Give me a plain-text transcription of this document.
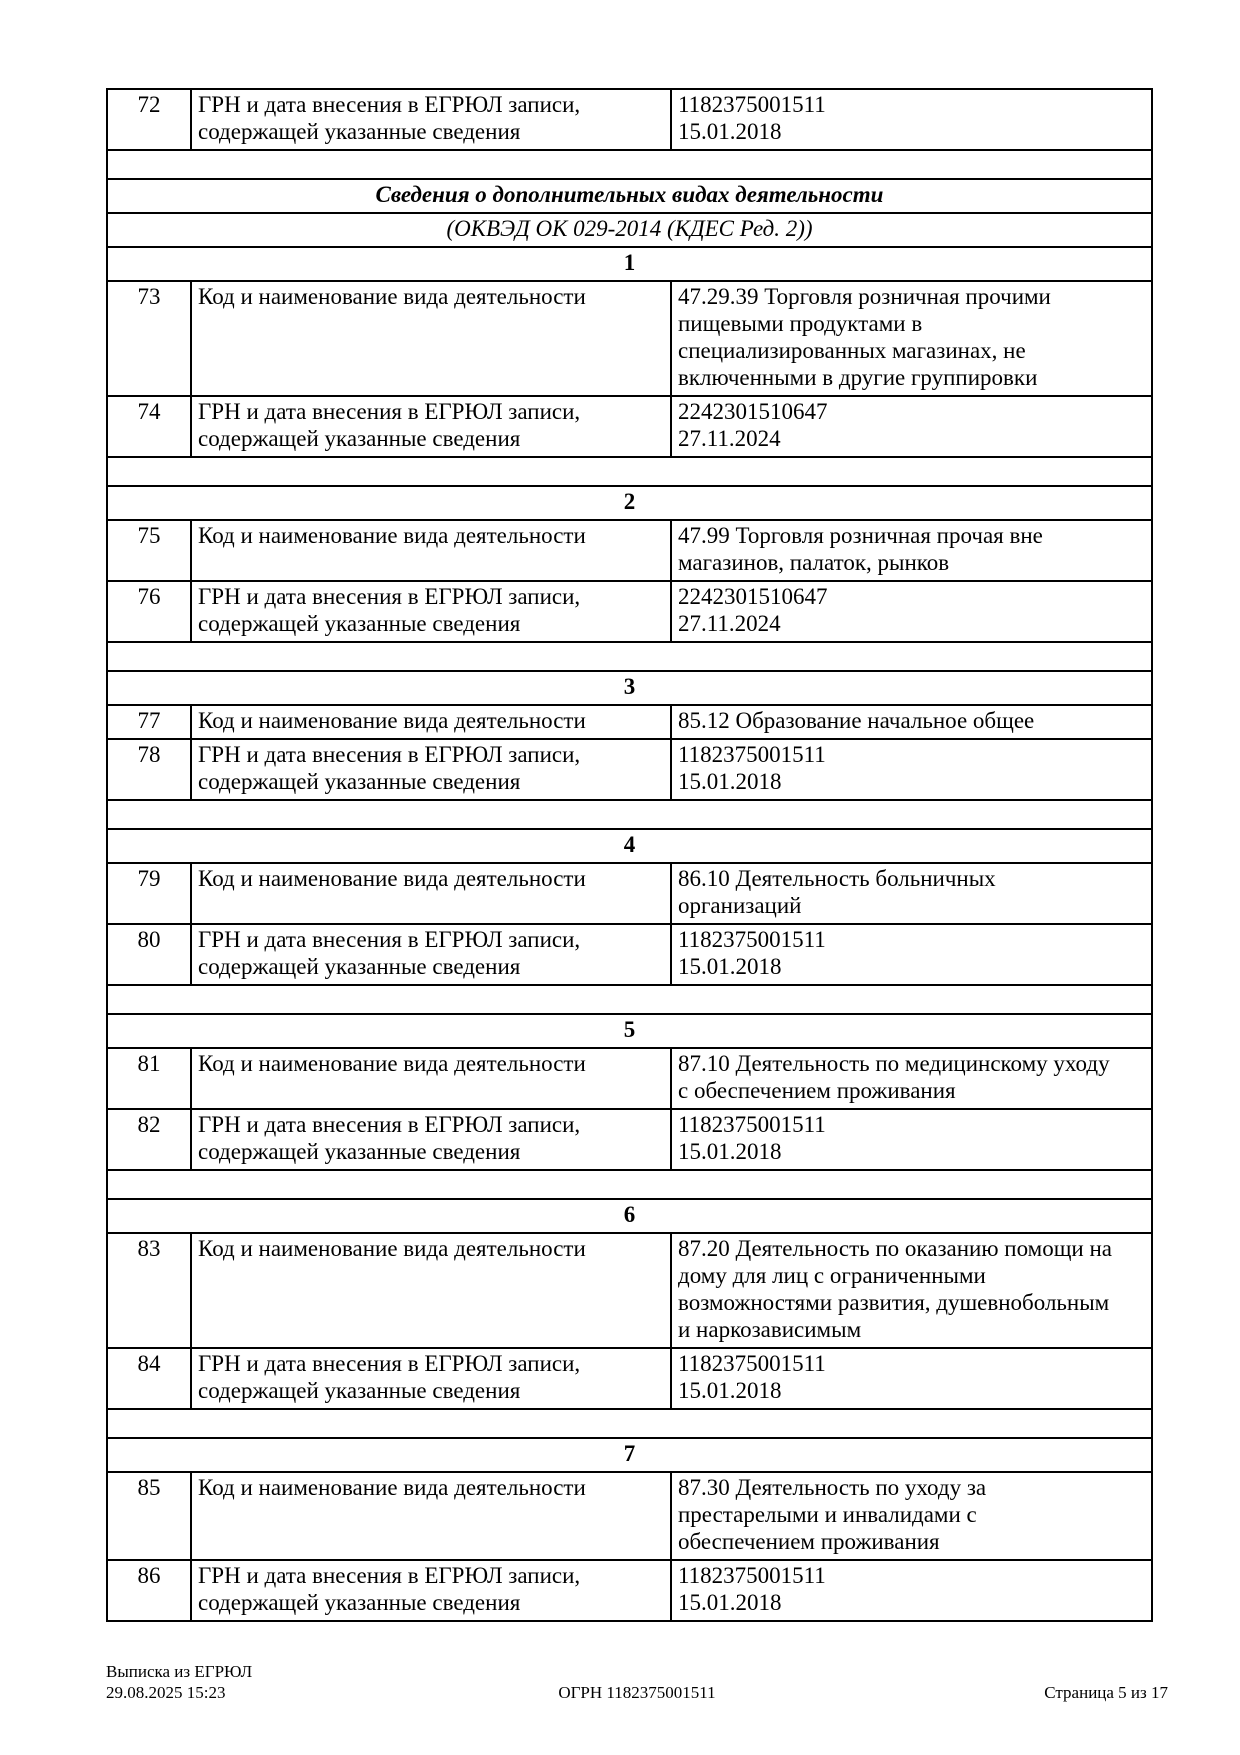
72	ГРН и дата внесения в ЕГРЮЛ записи, содержащей указанные сведения	1182375001511
15.01.2018

Сведения о дополнительных видах деятельности		
(ОКВЭД ОК 029-2014 (КДЕС Ред. 2))		
1		
73	Код и наименование вида деятельности	47.29.39 Торговля розничная прочими
пищевыми продуктами в
специализированных магазинах, не
включенными в другие группировки

74	ГРН и дата внесения в ЕГРЮЛ записи, содержащей указанные сведения	2242301510647
27.11.2024

2		
75	Код и наименование вида деятельности	47.99 Торговля розничная прочая вне
магазинов, палаток, рынков

76	ГРН и дата внесения в ЕГРЮЛ записи, содержащей указанные сведения	2242301510647
27.11.2024

3		
77	Код и наименование вида деятельности	85.12 Образование начальное общее

78	ГРН и дата внесения в ЕГРЮЛ записи, содержащей указанные сведения	1182375001511
15.01.2018

4		
79	Код и наименование вида деятельности	86.10 Деятельность больничных
организаций

80	ГРН и дата внесения в ЕГРЮЛ записи, содержащей указанные сведения	1182375001511
15.01.2018

5		
81	Код и наименование вида деятельности	87.10 Деятельность по медицинскому уходу
с обеспечением проживания

82	ГРН и дата внесения в ЕГРЮЛ записи, содержащей указанные сведения	1182375001511
15.01.2018

6		
83	Код и наименование вида деятельности	87.20 Деятельность по оказанию помощи на
дому для лиц с ограниченными
возможностями развития, душевнобольным
и наркозависимым

84	ГРН и дата внесения в ЕГРЮЛ записи, содержащей указанные сведения	1182375001511
15.01.2018

7		
85	Код и наименование вида деятельности	87.30 Деятельность по уходу за
престарелыми и инвалидами с
обеспечением проживания

86	ГРН и дата внесения в ЕГРЮЛ записи, содержащей указанные сведения	1182375001511
15.01.2018
Выписка из ЕГРЮЛ
29.08.2025 15:23	ОГРН 1182375001511	Страница 5 из 17
